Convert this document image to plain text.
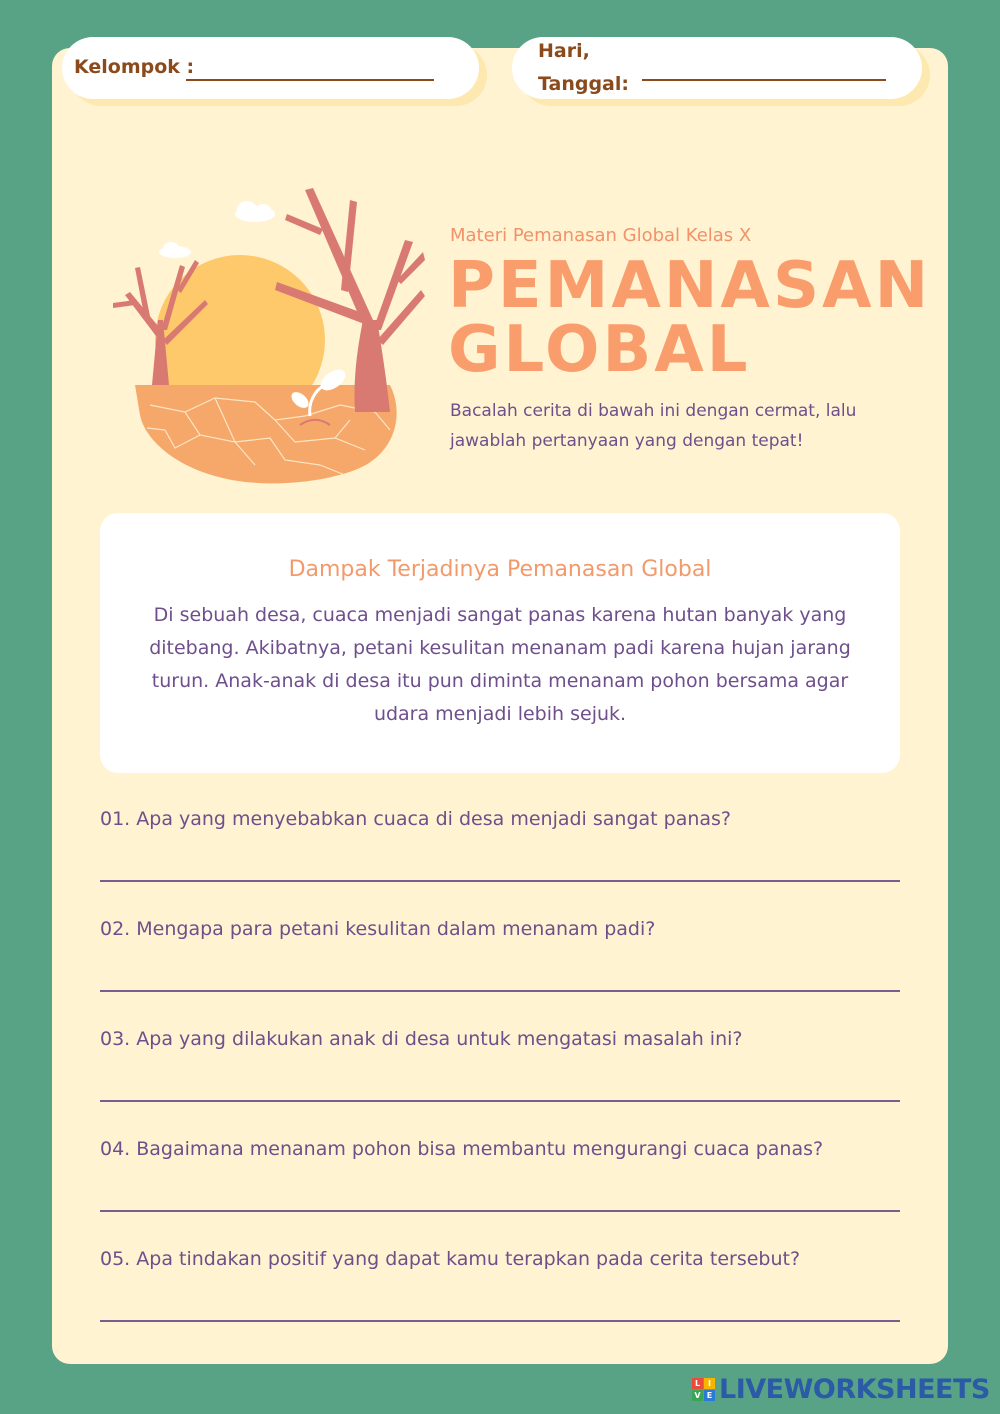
Kelompok :
Hari,
Tanggal:
Materi Pemanasan Global Kelas X
PEMANASAN
GLOBAL
Bacalah cerita di bawah ini dengan cermat, lalu jawablah pertanyaan yang dengan tepat!
Dampak Terjadinya Pemanasan Global
Di sebuah desa, cuaca menjadi sangat panas karena hutan banyak yang ditebang. Akibatnya, petani kesulitan menanam padi karena hujan jarang turun. Anak-anak di desa itu pun diminta menanam pohon bersama agar udara menjadi lebih sejuk.
01. Apa yang menyebabkan cuaca di desa menjadi sangat panas?
02. Mengapa para petani kesulitan dalam menanam padi?
03. Apa yang dilakukan anak di desa untuk mengatasi masalah ini?
04. Bagaimana menanam pohon bisa membantu mengurangi cuaca panas?
05. Apa tindakan positif yang dapat kamu terapkan pada cerita tersebut?
L I
V E LIVEWORKSHEETS
